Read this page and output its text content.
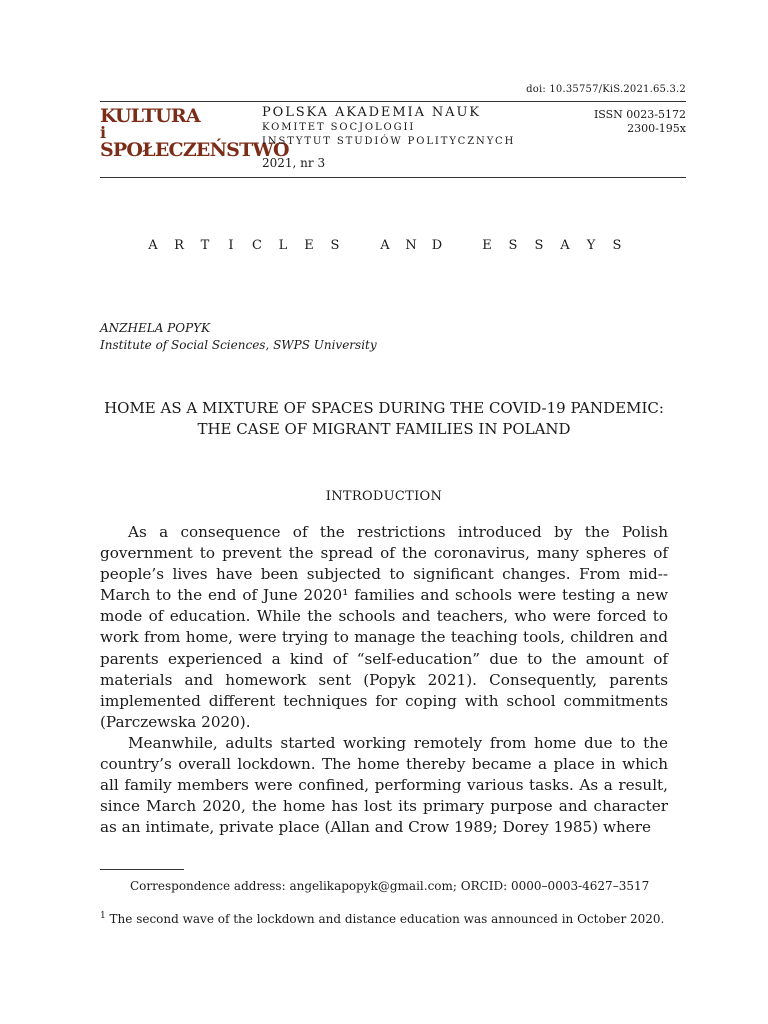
doi: 10.35757/KiS.2021.65.3.2
KULTURA
i
SPOŁECZEŃSTWO
POLSKA AKADEMIA NAUK
KOMITET SOCJOLOGII
INSTYTUT STUDIÓW POLITYCZNYCH
2021, nr 3
ISSN 0023-5172
2300-195x
A	R	T	I	C	L	E	S	A	N	D	E	S	S	A	Y	S
ANZHELA POPYK
Institute of Social Sciences, SWPS University
HOME AS A MIXTURE OF SPACES DURING THE COVID-19 PANDEMIC: THE CASE OF MIGRANT FAMILIES IN POLAND
INTRODUCTION

As a consequence of the restrictions introduced by the Polish government to prevent the spread of the coronavirus, many spheres of people’s lives have been subjected to significant changes. From mid--March to the end of June 2020¹ families and schools were testing a new mode of education. While the schools and teachers, who were forced to work from home, were trying to manage the teaching tools, children and parents experienced a kind of “self-education” due to the amount of materials and homework sent (Popyk 2021). Consequently, parents implemented different techniques for coping with school commitments (Parczewska 2020).

Meanwhile, adults started working remotely from home due to the country’s overall lockdown. The home thereby became a place in which all family members were confined, performing various tasks. As a result, since March 2020, the home has lost its primary purpose and character as an intimate, private place (Allan and Crow 1989; Dorey 1985) where

Correspondence address: angelikapopyk@gmail.com; ORCID: 0000–0003-4627–3517
$^1$ The second wave of the lockdown and distance education was announced in October 2020.
